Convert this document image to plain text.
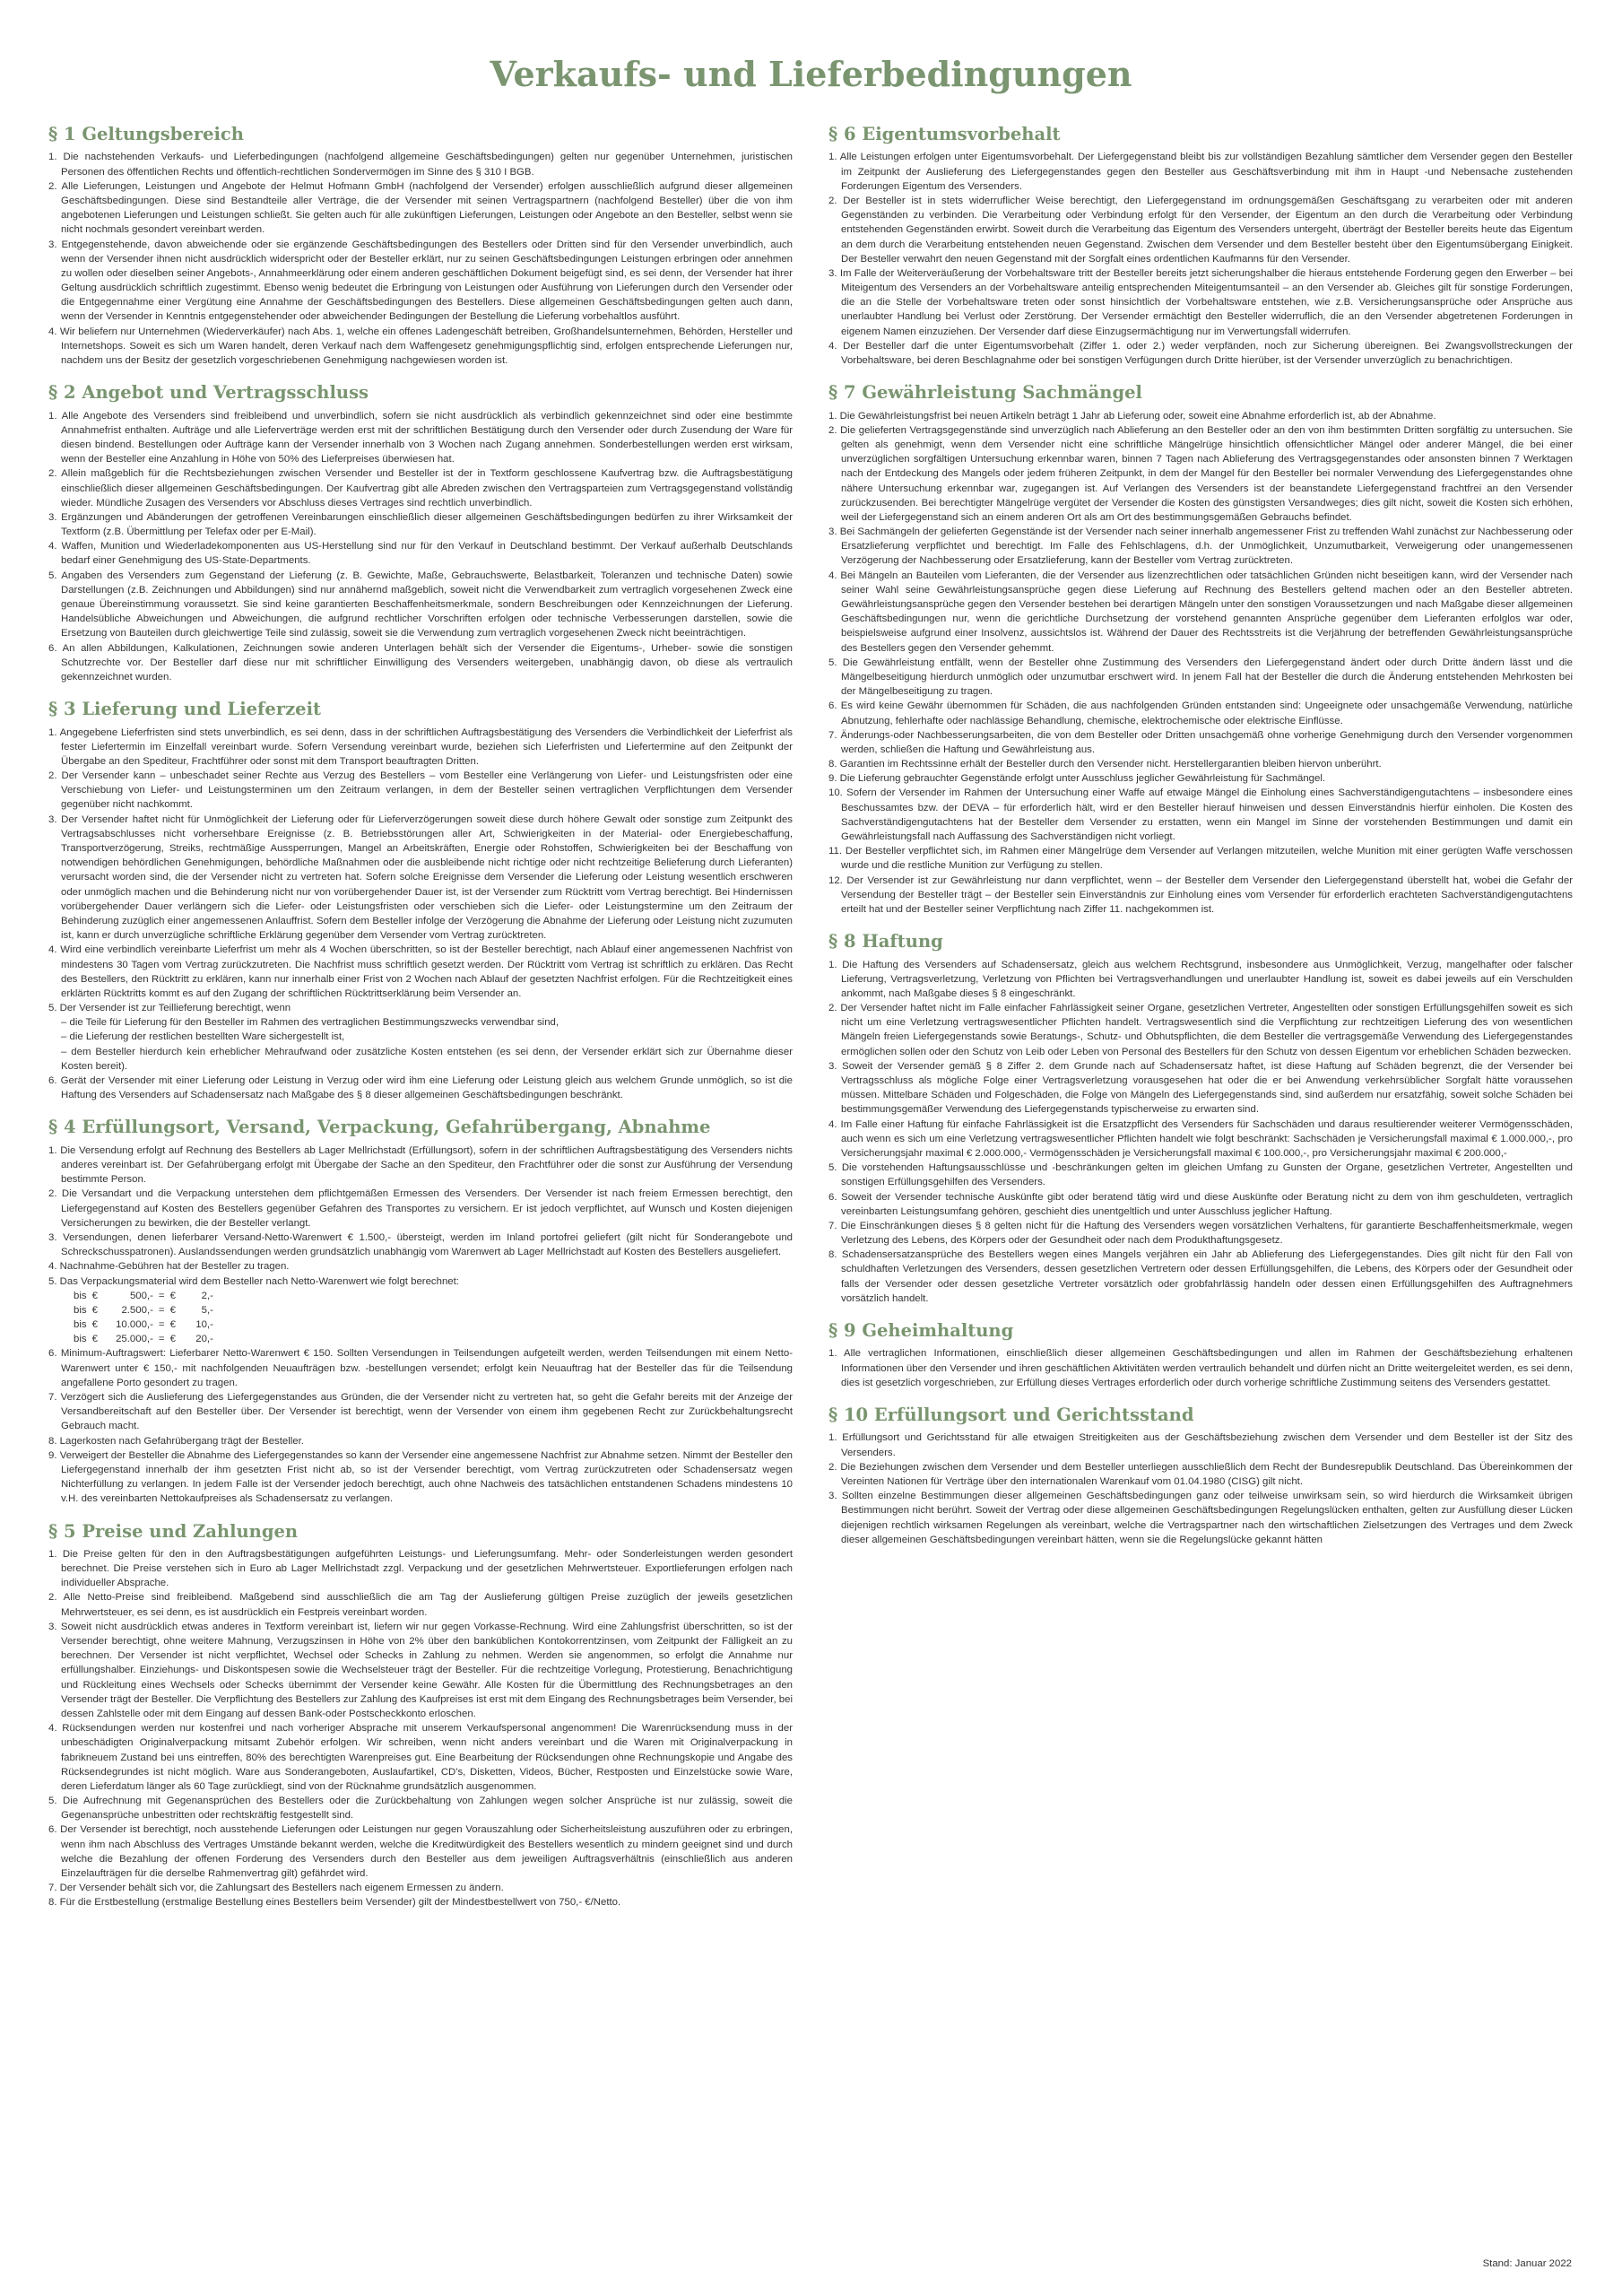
Verkaufs- und Lieferbedingungen
§ 1 Geltungsbereich
1. Die nachstehenden Verkaufs- und Lieferbedingungen (nachfolgend allgemeine Geschäftsbedingungen) gelten nur gegenüber Unternehmen, juristischen Personen des öffentlichen Rechts und öffentlich-rechtlichen Sondervermögen im Sinne des § 310 I BGB.
2. Alle Lieferungen, Leistungen und Angebote der Helmut Hofmann GmbH (nachfolgend der Versender) erfolgen ausschließlich aufgrund dieser allgemeinen Geschäftsbedingungen. Diese sind Bestandteile aller Verträge, die der Versender mit seinen Vertragspartnern (nachfolgend Besteller) über die von ihm angebotenen Lieferungen und Leistungen schließt. Sie gelten auch für alle zukünftigen Lieferungen, Leistungen oder Angebote an den Besteller, selbst wenn sie nicht nochmals gesondert vereinbart werden.
3. Entgegenstehende, davon abweichende oder sie ergänzende Geschäftsbedingungen des Bestellers oder Dritten sind für den Versender unverbindlich, auch wenn der Versender ihnen nicht ausdrücklich widerspricht oder der Besteller erklärt, nur zu seinen Geschäftsbedingungen Leistungen erbringen oder annehmen zu wollen oder dieselben seiner Angebots-, Annahmeerklärung oder einem anderen geschäftlichen Dokument beigefügt sind, es sei denn, der Versender hat ihrer Geltung ausdrücklich schriftlich zugestimmt. Ebenso wenig bedeutet die Erbringung von Leistungen oder Ausführung von Lieferungen durch den Versender oder die Entgegennahme einer Vergütung eine Annahme der Geschäftsbedingungen des Bestellers. Diese allgemeinen Geschäftsbedingungen gelten auch dann, wenn der Versender in Kenntnis entgegenstehender oder abweichender Bedingungen der Bestellung die Lieferung vorbehaltlos ausführt.
4. Wir beliefern nur Unternehmen (Wiederverkäufer) nach Abs. 1, welche ein offenes Ladengeschäft betreiben, Großhandelsunternehmen, Behörden, Hersteller und Internetshops. Soweit es sich um Waren handelt, deren Verkauf nach dem Waffengesetz genehmigungspflichtig sind, erfolgen entsprechende Lieferungen nur, nachdem uns der Besitz der gesetzlich vorgeschriebenen Genehmigung nachgewiesen worden ist.
§ 2 Angebot und Vertragsschluss
1. Alle Angebote des Versenders sind freibleibend und unverbindlich, sofern sie nicht ausdrücklich als verbindlich gekennzeichnet sind oder eine bestimmte Annahmefrist enthalten. Aufträge und alle Lieferverträge werden erst mit der schriftlichen Bestätigung durch den Versender oder durch Zusendung der Ware für diesen bindend. Bestellungen oder Aufträge kann der Versender innerhalb von 3 Wochen nach Zugang annehmen. Sonderbestellungen werden erst wirksam, wenn der Besteller eine Anzahlung in Höhe von 50% des Lieferpreises überwiesen hat.
2. Allein maßgeblich für die Rechtsbeziehungen zwischen Versender und Besteller ist der in Textform geschlossene Kaufvertrag bzw. die Auftragsbestätigung einschließlich dieser allgemeinen Geschäftsbedingungen. Der Kaufvertrag gibt alle Abreden zwischen den Vertragsparteien zum Vertragsgegenstand vollständig wieder. Mündliche Zusagen des Versenders vor Abschluss dieses Vertrages sind rechtlich unverbindlich.
3. Ergänzungen und Abänderungen der getroffenen Vereinbarungen einschließlich dieser allgemeinen Geschäftsbedingungen bedürfen zu ihrer Wirksamkeit der Textform (z.B. Übermittlung per Telefax oder per E-Mail).
4. Waffen, Munition und Wiederladekomponenten aus US-Herstellung sind nur für den Verkauf in Deutschland bestimmt. Der Verkauf außerhalb Deutschlands bedarf einer Genehmigung des US-State-Departments.
5. Angaben des Versenders zum Gegenstand der Lieferung (z. B. Gewichte, Maße, Gebrauchswerte, Belastbarkeit, Toleranzen und technische Daten) sowie Darstellungen (z.B. Zeichnungen und Abbildungen) sind nur annähernd maßgeblich, soweit nicht die Verwendbarkeit zum vertraglich vorgesehenen Zweck eine genaue Übereinstimmung voraussetzt. Sie sind keine garantierten Beschaffenheitsmerkmale, sondern Beschreibungen oder Kennzeichnungen der Lieferung. Handelsübliche Abweichungen und Abweichungen, die aufgrund rechtlicher Vorschriften erfolgen oder technische Verbesserungen darstellen, sowie die Ersetzung von Bauteilen durch gleichwertige Teile sind zulässig, soweit sie die Verwendung zum vertraglich vorgesehenen Zweck nicht beeinträchtigen.
6. An allen Abbildungen, Kalkulationen, Zeichnungen sowie anderen Unterlagen behält sich der Versender die Eigentums-, Urheber- sowie die sonstigen Schutzrechte vor. Der Besteller darf diese nur mit schriftlicher Einwilligung des Versenders weitergeben, unabhängig davon, ob diese als vertraulich gekennzeichnet wurden.
§ 3 Lieferung und Lieferzeit
1. Angegebene Lieferfristen sind stets unverbindlich, es sei denn, dass in der schriftlichen Auftragsbestätigung des Versenders die Verbindlichkeit der Lieferfrist als fester Liefertermin im Einzelfall vereinbart wurde. Sofern Versendung vereinbart wurde, beziehen sich Lieferfristen und Liefertermine auf den Zeitpunkt der Übergabe an den Spediteur, Frachtführer oder sonst mit dem Transport beauftragten Dritten.
2. Der Versender kann – unbeschadet seiner Rechte aus Verzug des Bestellers – vom Besteller eine Verlängerung von Liefer- und Leistungsfristen oder eine Verschiebung von Liefer- und Leistungsterminen um den Zeitraum verlangen, in dem der Besteller seinen vertraglichen Verpflichtungen dem Versender gegenüber nicht nachkommt.
3. Der Versender haftet nicht für Unmöglichkeit der Lieferung oder für Lieferverzögerungen soweit diese durch höhere Gewalt oder sonstige zum Zeitpunkt des Vertragsabschlusses nicht vorhersehbare Ereignisse (z. B. Betriebsstörungen aller Art, Schwierigkeiten in der Material- oder Energiebeschaffung, Transportverzögerung, Streiks, rechtmäßige Aussperrungen, Mangel an Arbeitskräften, Energie oder Rohstoffen, Schwierigkeiten bei der Beschaffung von notwendigen behördlichen Genehmigungen, behördliche Maßnahmen oder die ausbleibende nicht richtige oder nicht rechtzeitige Belieferung durch Lieferanten) verursacht worden sind, die der Versender nicht zu vertreten hat. Sofern solche Ereignisse dem Versender die Lieferung oder Leistung wesentlich erschweren oder unmöglich machen und die Behinderung nicht nur von vorübergehender Dauer ist, ist der Versender zum Rücktritt vom Vertrag berechtigt. Bei Hindernissen vorübergehender Dauer verlängern sich die Liefer- oder Leistungsfristen oder verschieben sich die Liefer- oder Leistungstermine um den Zeitraum der Behinderung zuzüglich einer angemessenen Anlauffrist. Sofern dem Besteller infolge der Verzögerung die Abnahme der Lieferung oder Leistung nicht zuzumuten ist, kann er durch unverzügliche schriftliche Erklärung gegenüber dem Versender vom Vertrag zurücktreten.
4. Wird eine verbindlich vereinbarte Lieferfrist um mehr als 4 Wochen überschritten, so ist der Besteller berechtigt, nach Ablauf einer angemessenen Nachfrist von mindestens 30 Tagen vom Vertrag zurückzutreten. Die Nachfrist muss schriftlich gesetzt werden. Der Rücktritt vom Vertrag ist schriftlich zu erklären. Das Recht des Bestellers, den Rücktritt zu erklären, kann nur innerhalb einer Frist von 2 Wochen nach Ablauf der gesetzten Nachfrist erfolgen. Für die Rechtzeitigkeit eines erklärten Rücktritts kommt es auf den Zugang der schriftlichen Rücktrittserklärung beim Versender an.
5. Der Versender ist zur Teillieferung berechtigt, wenn
– die Teile für Lieferung für den Besteller im Rahmen des vertraglichen Bestimmungszwecks verwendbar sind,
– die Lieferung der restlichen bestellten Ware sichergestellt ist,
– dem Besteller hierdurch kein erheblicher Mehraufwand oder zusätzliche Kosten entstehen (es sei denn, der Versender erklärt sich zur Übernahme dieser Kosten bereit).
6. Gerät der Versender mit einer Lieferung oder Leistung in Verzug oder wird ihm eine Lieferung oder Leistung gleich aus welchem Grunde unmöglich, so ist die Haftung des Versenders auf Schadensersatz nach Maßgabe des § 8 dieser allgemeinen Geschäftsbedingungen beschränkt.
§ 4 Erfüllungsort, Versand, Verpackung, Gefahrübergang, Abnahme
1. Die Versendung erfolgt auf Rechnung des Bestellers ab Lager Mellrichstadt (Erfüllungsort), sofern in der schriftlichen Auftragsbestätigung des Versenders nichts anderes vereinbart ist. Der Gefahrübergang erfolgt mit Übergabe der Sache an den Spediteur, den Frachtführer oder die sonst zur Ausführung der Versendung bestimmte Person.
2. Die Versandart und die Verpackung unterstehen dem pflichtgemäßen Ermessen des Versenders. Der Versender ist nach freiem Ermessen berechtigt, den Liefergegenstand auf Kosten des Bestellers gegenüber Gefahren des Transportes zu versichern. Er ist jedoch verpflichtet, auf Wunsch und Kosten diejenigen Versicherungen zu bewirken, die der Besteller verlangt.
3. Versendungen, denen lieferbarer Versand-Netto-Warenwert € 1.500,- übersteigt, werden im Inland portofrei geliefert (gilt nicht für Sonderangebote und Schreckschusspatronen). Auslandssendungen werden grundsätzlich unabhängig vom Warenwert ab Lager Mellrichstadt auf Kosten des Bestellers ausgeliefert.
4. Nachnahme-Gebühren hat der Besteller zu tragen.
5. Das Verpackungsmaterial wird dem Besteller nach Netto-Warenwert wie folgt berechnet:
bis	€	500,-	=	€	2,-
bis	€	2.500,-	=	€	5,-
bis	€	10.000,-	=	€	10,-
bis	€	25.000,-	=	€	20,-
6. Minimum-Auftragswert: Lieferbarer Netto-Warenwert € 150. Sollten Versendungen in Teilsendungen aufgeteilt werden, werden Teilsendungen mit einem Netto-Warenwert unter € 150,- mit nachfolgenden Neuaufträgen bzw. -bestellungen versendet; erfolgt kein Neuauftrag hat der Besteller das für die Teilsendung angefallene Porto gesondert zu tragen.
7. Verzögert sich die Auslieferung des Liefergegenstandes aus Gründen, die der Versender nicht zu vertreten hat, so geht die Gefahr bereits mit der Anzeige der Versandbereitschaft auf den Besteller über. Der Versender ist berechtigt, wenn der Versender von einem ihm gegebenen Recht zur Zurückbehaltungsrecht Gebrauch macht.
8. Lagerkosten nach Gefahrübergang trägt der Besteller.
9. Verweigert der Besteller die Abnahme des Liefergegenstandes so kann der Versender eine angemessene Nachfrist zur Abnahme setzen. Nimmt der Besteller den Liefergegenstand innerhalb der ihm gesetzten Frist nicht ab, so ist der Versender berechtigt, vom Vertrag zurückzutreten oder Schadensersatz wegen Nichterfüllung zu verlangen. In jedem Falle ist der Versender jedoch berechtigt, auch ohne Nachweis des tatsächlichen entstandenen Schadens mindestens 10 v.H. des vereinbarten Nettokaufpreises als Schadensersatz zu verlangen.
§ 5 Preise und Zahlungen
1. Die Preise gelten für den in den Auftragsbestätigungen aufgeführten Leistungs- und Lieferungsumfang. Mehr- oder Sonderleistungen werden gesondert berechnet. Die Preise verstehen sich in Euro ab Lager Mellrichstadt zzgl. Verpackung und der gesetzlichen Mehrwertsteuer. Exportlieferungen erfolgen nach individueller Absprache.
2. Alle Netto-Preise sind freibleibend. Maßgebend sind ausschließlich die am Tag der Auslieferung gültigen Preise zuzüglich der jeweils gesetzlichen Mehrwertsteuer, es sei denn, es ist ausdrücklich ein Festpreis vereinbart worden.
3. Soweit nicht ausdrücklich etwas anderes in Textform vereinbart ist, liefern wir nur gegen Vorkasse-Rechnung. Wird eine Zahlungsfrist überschritten, so ist der Versender berechtigt, ohne weitere Mahnung, Verzugszinsen in Höhe von 2% über den banküblichen Kontokorrentzinsen, vom Zeitpunkt der Fälligkeit an zu berechnen. Der Versender ist nicht verpflichtet, Wechsel oder Schecks in Zahlung zu nehmen. Werden sie angenommen, so erfolgt die Annahme nur erfüllungshalber. Einziehungs- und Diskontspesen sowie die Wechselsteuer trägt der Besteller. Für die rechtzeitige Vorlegung, Protestierung, Benachrichtigung und Rückleitung eines Wechsels oder Schecks übernimmt der Versender keine Gewähr. Alle Kosten für die Übermittlung des Rechnungsbetrages an den Versender trägt der Besteller. Die Verpflichtung des Bestellers zur Zahlung des Kaufpreises ist erst mit dem Eingang des Rechnungsbetrages beim Versender, bei dessen Zahlstelle oder mit dem Eingang auf dessen Bank-oder Postscheckkonto erloschen.
4. Rücksendungen werden nur kostenfrei und nach vorheriger Absprache mit unserem Verkaufspersonal angenommen! Die Warenrücksendung muss in der unbeschädigten Originalverpackung mitsamt Zubehör erfolgen. Wir schreiben, wenn nicht anders vereinbart und die Waren mit Originalverpackung in fabrikneuem Zustand bei uns eintreffen, 80% des berechtigten Warenpreises gut. Eine Bearbeitung der Rücksendungen ohne Rechnungskopie und Angabe des Rücksendegrundes ist nicht möglich. Ware aus Sonderangeboten, Auslaufartikel, CD's, Disketten, Videos, Bücher, Restposten und Einzelstücke sowie Ware, deren Lieferdatum länger als 60 Tage zurückliegt, sind von der Rücknahme grundsätzlich ausgenommen.
5. Die Aufrechnung mit Gegenansprüchen des Bestellers oder die Zurückbehaltung von Zahlungen wegen solcher Ansprüche ist nur zulässig, soweit die Gegenansprüche unbestritten oder rechtskräftig festgestellt sind.
6. Der Versender ist berechtigt, noch ausstehende Lieferungen oder Leistungen nur gegen Vorauszahlung oder Sicherheitsleistung auszuführen oder zu erbringen, wenn ihm nach Abschluss des Vertrages Umstände bekannt werden, welche die Kreditwürdigkeit des Bestellers wesentlich zu mindern geeignet sind und durch welche die Bezahlung der offenen Forderung des Versenders durch den Besteller aus dem jeweiligen Auftragsverhältnis (einschließlich aus anderen Einzelaufträgen für die derselbe Rahmenvertrag gilt) gefährdet wird.
7. Der Versender behält sich vor, die Zahlungsart des Bestellers nach eigenem Ermessen zu ändern.
8. Für die Erstbestellung (erstmalige Bestellung eines Bestellers beim Versender) gilt der Mindestbestellwert von 750,- €/Netto.
§ 6 Eigentumsvorbehalt
1. Alle Leistungen erfolgen unter Eigentumsvorbehalt. Der Liefergegenstand bleibt bis zur vollständigen Bezahlung sämtlicher dem Versender gegen den Besteller im Zeitpunkt der Auslieferung des Liefergegenstandes gegen den Besteller aus Geschäftsverbindung mit ihm in Haupt -und Nebensache zustehenden Forderungen Eigentum des Versenders.
2. Der Besteller ist in stets widerruflicher Weise berechtigt, den Liefergegenstand im ordnungsgemäßen Geschäftsgang zu verarbeiten oder mit anderen Gegenständen zu verbinden. Die Verarbeitung oder Verbindung erfolgt für den Versender, der Eigentum an den durch die Verarbeitung oder Verbindung entstehenden Gegenständen erwirbt. Soweit durch die Verarbeitung das Eigentum des Versenders untergeht, überträgt der Besteller bereits heute das Eigentum an dem durch die Verarbeitung entstehenden neuen Gegenstand. Zwischen dem Versender und dem Besteller besteht über den Eigentumsübergang Einigkeit. Der Besteller verwahrt den neuen Gegenstand mit der Sorgfalt eines ordentlichen Kaufmanns für den Versender.
3. Im Falle der Weiterveräußerung der Vorbehaltsware tritt der Besteller bereits jetzt sicherungshalber die hieraus entstehende Forderung gegen den Erwerber – bei Miteigentum des Versenders an der Vorbehaltsware anteilig entsprechenden Miteigentumsanteil – an den Versender ab. Gleiches gilt für sonstige Forderungen, die an die Stelle der Vorbehaltsware treten oder sonst hinsichtlich der Vorbehaltsware entstehen, wie z.B. Versicherungsansprüche oder Ansprüche aus unerlaubter Handlung bei Verlust oder Zerstörung. Der Versender ermächtigt den Besteller widerruflich, die an den Versender abgetretenen Forderungen in eigenem Namen einzuziehen. Der Versender darf diese Einzugsermächtigung nur im Verwertungsfall widerrufen.
4. Der Besteller darf die unter Eigentumsvorbehalt (Ziffer 1. oder 2.) weder verpfänden, noch zur Sicherung übereignen. Bei Zwangsvollstreckungen der Vorbehaltsware, bei deren Beschlagnahme oder bei sonstigen Verfügungen durch Dritte hierüber, ist der Versender unverzüglich zu benachrichtigen.
§ 7 Gewährleistung Sachmängel
1. Die Gewährleistungsfrist bei neuen Artikeln beträgt 1 Jahr ab Lieferung oder, soweit eine Abnahme erforderlich ist, ab der Abnahme.
2. Die gelieferten Vertragsgegenstände sind unverzüglich nach Ablieferung an den Besteller oder an den von ihm bestimmten Dritten sorgfältig zu untersuchen. Sie gelten als genehmigt, wenn dem Versender nicht eine schriftliche Mängelrüge hinsichtlich offensichtlicher Mängel oder anderer Mängel, die bei einer unverzüglichen sorgfältigen Untersuchung erkennbar waren, binnen 7 Tagen nach Ablieferung des Vertragsgegenstandes oder ansonsten binnen 7 Werktagen nach der Entdeckung des Mangels oder jedem früheren Zeitpunkt, in dem der Mangel für den Besteller bei normaler Verwendung des Liefergegenstandes ohne nähere Untersuchung erkennbar war, zugegangen ist. Auf Verlangen des Versenders ist der beanstandete Liefergegenstand frachtfrei an den Versender zurückzusenden. Bei berechtigter Mängelrüge vergütet der Versender die Kosten des günstigsten Versandweges; dies gilt nicht, soweit die Kosten sich erhöhen, weil der Liefergegenstand sich an einem anderen Ort als am Ort des bestimmungsgemäßen Gebrauchs befindet.
3. Bei Sachmängeln der gelieferten Gegenstände ist der Versender nach seiner innerhalb angemessener Frist zu treffenden Wahl zunächst zur Nachbesserung oder Ersatzlieferung verpflichtet und berechtigt. Im Falle des Fehlschlagens, d.h. der Unmöglichkeit, Unzumutbarkeit, Verweigerung oder unangemessenen Verzögerung der Nachbesserung oder Ersatzlieferung, kann der Besteller vom Vertrag zurücktreten.
4. Bei Mängeln an Bauteilen vom Lieferanten, die der Versender aus lizenzrechtlichen oder tatsächlichen Gründen nicht beseitigen kann, wird der Versender nach seiner Wahl seine Gewährleistungsansprüche gegen diese Lieferung auf Rechnung des Bestellers geltend machen oder an den Besteller abtreten. Gewährleistungsansprüche gegen den Versender bestehen bei derartigen Mängeln unter den sonstigen Voraussetzungen und nach Maßgabe dieser allgemeinen Geschäftsbedingungen nur, wenn die gerichtliche Durchsetzung der vorstehend genannten Ansprüche gegenüber dem Lieferanten erfolglos war oder, beispielsweise aufgrund einer Insolvenz, aussichtslos ist. Während der Dauer des Rechtsstreits ist die Verjährung der betreffenden Gewährleistungsansprüche des Bestellers gegen den Versender gehemmt.
5. Die Gewährleistung entfällt, wenn der Besteller ohne Zustimmung des Versenders den Liefergegenstand ändert oder durch Dritte ändern lässt und die Mängelbeseitigung hierdurch unmöglich oder unzumutbar erschwert wird. In jenem Fall hat der Besteller die durch die Änderung entstehenden Mehrkosten bei der Mängelbeseitigung zu tragen.
6. Es wird keine Gewähr übernommen für Schäden, die aus nachfolgenden Gründen entstanden sind: Ungeeignete oder unsachgemäße Verwendung, natürliche Abnutzung, fehlerhafte oder nachlässige Behandlung, chemische, elektrochemische oder elektrische Einflüsse.
7. Änderungs-oder Nachbesserungsarbeiten, die von dem Besteller oder Dritten unsachgemäß ohne vorherige Genehmigung durch den Versender vorgenommen werden, schließen die Haftung und Gewährleistung aus.
8. Garantien im Rechtssinne erhält der Besteller durch den Versender nicht. Herstellergarantien bleiben hiervon unberührt.
9. Die Lieferung gebrauchter Gegenstände erfolgt unter Ausschluss jeglicher Gewährleistung für Sachmängel.
10. Sofern der Versender im Rahmen der Untersuchung einer Waffe auf etwaige Mängel die Einholung eines Sachverständigengutachtens – insbesondere eines Beschussamtes bzw. der DEVA – für erforderlich hält, wird er den Besteller hierauf hinweisen und dessen Einverständnis hierfür einholen. Die Kosten des Sachverständigengutachtens hat der Besteller dem Versender zu erstatten, wenn ein Mangel im Sinne der vorstehenden Bestimmungen und damit ein Gewährleistungsfall nach Auffassung des Sachverständigen nicht vorliegt.
11. Der Besteller verpflichtet sich, im Rahmen einer Mängelrüge dem Versender auf Verlangen mitzuteilen, welche Munition mit einer gerügten Waffe verschossen wurde und die restliche Munition zur Verfügung zu stellen.
12. Der Versender ist zur Gewährleistung nur dann verpflichtet, wenn – der Besteller dem Versender den Liefergegenstand überstellt hat, wobei die Gefahr der Versendung der Besteller trägt – der Besteller sein Einverständnis zur Einholung eines vom Versender für erforderlich erachteten Sachverständigengutachtens erteilt hat und der Besteller seiner Verpflichtung nach Ziffer 11. nachgekommen ist.
§ 8 Haftung
1. Die Haftung des Versenders auf Schadensersatz, gleich aus welchem Rechtsgrund, insbesondere aus Unmöglichkeit, Verzug, mangelhafter oder falscher Lieferung, Vertragsverletzung, Verletzung von Pflichten bei Vertragsverhandlungen und unerlaubter Handlung ist, soweit es dabei jeweils auf ein Verschulden ankommt, nach Maßgabe dieses § 8 eingeschränkt.
2. Der Versender haftet nicht im Falle einfacher Fahrlässigkeit seiner Organe, gesetzlichen Vertreter, Angestellten oder sonstigen Erfüllungsgehilfen soweit es sich nicht um eine Verletzung vertragswesentlicher Pflichten handelt. Vertragswesentlich sind die Verpflichtung zur rechtzeitigen Lieferung des von wesentlichen Mängeln freien Liefergegenstands sowie Beratungs-, Schutz- und Obhutspflichten, die dem Besteller die vertragsgemäße Verwendung des Liefergegenstandes ermöglichen sollen oder den Schutz von Leib oder Leben von Personal des Bestellers für den Schutz von dessen Eigentum vor erheblichen Schäden bezwecken.
3. Soweit der Versender gemäß § 8 Ziffer 2. dem Grunde nach auf Schadensersatz haftet, ist diese Haftung auf Schäden begrenzt, die der Versender bei Vertragsschluss als mögliche Folge einer Vertragsverletzung vorausgesehen hat oder die er bei Anwendung verkehrsüblicher Sorgfalt hätte voraussehen müssen. Mittelbare Schäden und Folgeschäden, die Folge von Mängeln des Liefergegenstands sind, sind außerdem nur ersatzfähig, soweit solche Schäden bei bestimmungsgemäßer Verwendung des Liefergegenstands typischerweise zu erwarten sind.
4. Im Falle einer Haftung für einfache Fahrlässigkeit ist die Ersatzpflicht des Versenders für Sachschäden und daraus resultierender weiterer Vermögensschäden, auch wenn es sich um eine Verletzung vertragswesentlicher Pflichten handelt wie folgt beschränkt: Sachschäden je Versicherungsfall maximal € 1.000.000,-, pro Versicherungsjahr maximal € 2.000.000,- Vermögensschäden je Versicherungsfall maximal € 100.000,-, pro Versicherungsjahr maximal € 200.000,-
5. Die vorstehenden Haftungsausschlüsse und -beschränkungen gelten im gleichen Umfang zu Gunsten der Organe, gesetzlichen Vertreter, Angestellten und sonstigen Erfüllungsgehilfen des Versenders.
6. Soweit der Versender technische Auskünfte gibt oder beratend tätig wird und diese Auskünfte oder Beratung nicht zu dem von ihm geschuldeten, vertraglich vereinbarten Leistungsumfang gehören, geschieht dies unentgeltlich und unter Ausschluss jeglicher Haftung.
7. Die Einschränkungen dieses § 8 gelten nicht für die Haftung des Versenders wegen vorsätzlichen Verhaltens, für garantierte Beschaffenheitsmerkmale, wegen Verletzung des Lebens, des Körpers oder der Gesundheit oder nach dem Produkthaftungsgesetz.
8. Schadensersatzansprüche des Bestellers wegen eines Mangels verjähren ein Jahr ab Ablieferung des Liefergegenstandes. Dies gilt nicht für den Fall von schuldhaften Verletzungen des Versenders, dessen gesetzlichen Vertretern oder dessen Erfüllungsgehilfen, die Lebens, des Körpers oder der Gesundheit oder falls der Versender oder dessen gesetzliche Vertreter vorsätzlich oder grobfahrlässig handeln oder dessen einen Erfüllungsgehilfen des Auftragnehmers vorsätzlich handelt.
§ 9 Geheimhaltung
1. Alle vertraglichen Informationen, einschließlich dieser allgemeinen Geschäftsbedingungen und allen im Rahmen der Geschäftsbeziehung erhaltenen Informationen über den Versender und ihren geschäftlichen Aktivitäten werden vertraulich behandelt und dürfen nicht an Dritte weitergeleitet werden, es sei denn, dies ist gesetzlich vorgeschrieben, zur Erfüllung dieses Vertrages erforderlich oder durch vorherige schriftliche Zustimmung seitens des Versenders gestattet.
§ 10 Erfüllungsort und Gerichtsstand
1. Erfüllungsort und Gerichtsstand für alle etwaigen Streitigkeiten aus der Geschäftsbeziehung zwischen dem Versender und dem Besteller ist der Sitz des Versenders.
2. Die Beziehungen zwischen dem Versender und dem Besteller unterliegen ausschließlich dem Recht der Bundesrepublik Deutschland. Das Übereinkommen der Vereinten Nationen für Verträge über den internationalen Warenkauf vom 01.04.1980 (CISG) gilt nicht.
3. Sollten einzelne Bestimmungen dieser allgemeinen Geschäftsbedingungen ganz oder teilweise unwirksam sein, so wird hierdurch die Wirksamkeit übrigen Bestimmungen nicht berührt. Soweit der Vertrag oder diese allgemeinen Geschäftsbedingungen Regelungslücken enthalten, gelten zur Ausfüllung dieser Lücken diejenigen rechtlich wirksamen Regelungen als vereinbart, welche die Vertragspartner nach den wirtschaftlichen Zielsetzungen des Vertrages und dem Zweck dieser allgemeinen Geschäftsbedingungen vereinbart hätten, wenn sie die Regelungslücke gekannt hätten
Stand: Januar 2022
